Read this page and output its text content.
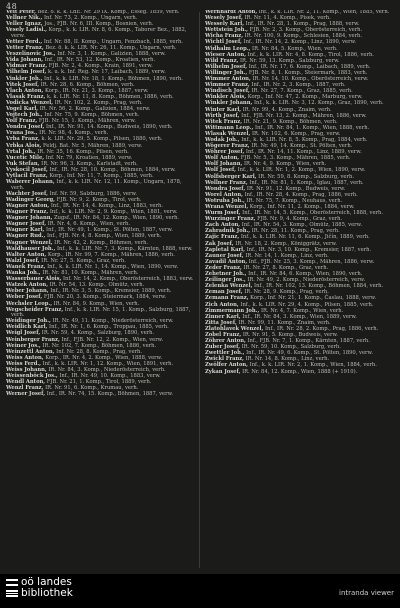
48
Veit Peter, Bez. ö. k. k. LdE. Nr. 29 IX. Komp., Esseg. 1859, verh.
Vellner Nik., Inf. Nr. 73, 2. Komp., Ungarn, verh.
Veller Ignaz, Jos., FJB. Nr. 6, III. Komp., Bosnien, verh.
Vesely Ladisl., Korp., k. k. LIR. Nr. 8, 6. Komp., Taborer Bez., 1882, verw.
Vetter Ferd., Inf. Nr. 88, II. Komp., Ungarn, Fenzbach, 1885, verh.
Vetter Franz, Bez. ö. k. k. LIR. Nr. 26, 11. Komp., Ungarn, verh.
Veszelinovic Jos., Inf. Nr. 3, 1. Komp., Galizien, 1888, verw.
Vida Johann, Inf., IR. Nr. 53, 12. Komp., Kroatien, verh.
Vidmar Franz, FJB. Nr. 2, 4. Komp., Krain, 1891, verw.
Vilhelm Josef, k. u. k. Inf. Reg. Nr. 17, Laibach, 1889, verw.
Vinkler Joh., Inf., k. k. LIR. Nr. 18, 1. Komp., Böhmen, 1890, verh.
Vitek Josef, IR. Nr. 28, 6. Komp., Böhmen, verh.
Vlach Anton, Korp., IR. Nr. 21, 3. Komp., 1887, verw.
Vlasak Franz, k. k. LIR. Nr. 11, 8. Komp., Böhmen, 1886, verh.
Vodicka Wenzel, IR. Nr. 102, 2. Komp., Prag, verh.
Vogel Karl, IR. Nr. 56, 2. Komp., Galizien, 1884, verw.
Vojtech Joh., Inf. Nr. 75, 9. Komp., Böhmen, verh.
Volf Franz, FJB. Nr. 15, 1. Komp., Mähren, verw.
Vondra Josef, Inf., IR. Nr. 91, 14. Komp., Budweis, 1890, verh.
Vrana Jos., IR. Nr. 98, 4. Komp., verh.
Vrba Franz, k. k. LIR. Nr. 29, 5. Komp., Pilsen, 1880, verh.
Vrbka Alois, Feldj. Bat. Nr. 5, Mähren, 1889, verw.
Vrtal Joh., IR. Nr. 35, 16. Komp., Pilsen, verh.
Vucetic Mile, Inf. Nr. 79, Kroatien, 1889, verw.
Vuk Stefan, IR. Nr. 96, 3. Komp., Karlstadt, verh.
Vyskocil Josef, Inf., IR. Nr. 28, 10. Komp., Böhmen, 1884, verw.
Vytlacil Franz, Korp., Inf. Nr. 11, 7. Komp., 1885, verh.
Waberer Johann, Inf., k. k. LIR. Nr. 12, 11. Komp., Ungarn, 1878, verh.
Wachter Josef, Inf. Nr. 59, Salzburg, 1886, verw.
Wadinger Georg, FJB. Nr. 9, 2. Komp., Tirol, verh.
Wagner Anton, Inf., IR. Nr. 14, 4. Komp., Linz, 1883, verh.
Wagner Franz, Inf., k. k. LIR. Nr. 2, 9. Komp., Wien, 1881, verw.
Wagner Johann, Zugsf., IR. Nr. 84, 12. Komp., Wien, 1890, verh.
Wagner Josef, IR. Nr. 4, 6. Komp., Wien, verh.
Wagner Karl, Inf., IR. Nr. 49, 1. Komp., St. Pölten, 1887, verw.
Wagner Rud., Inf., FJB. Nr. 4, 8. Komp., Wien, 1889, verh.
Wagner Wenzel, IR. Nr. 42, 2. Komp., Böhmen, verh.
Waldhauser Joh., Inf., k. k. LIR. Nr. 7, 3. Komp., Kärnten, 1888, verw.
Walter Anton, Korp., IR. Nr. 99, 7. Komp., Mähren, 1886, verh.
Walzl Josef, IR. Nr. 27, 5. Komp., Graz, verh.
Wanek Franz, Inf., k. k. LIR. Nr. 1, 14. Komp., Wien, 1890, verw.
Wanka Joh., IR. Nr. 81, 10. Komp., Mähren, verh.
Wasserbauer Alois, Inf. Nr. 14, 2. Komp., Oberösterreich, 1883, verw.
Watzek Anton, IR. Nr. 54, 13. Komp., Olmütz, verh.
Weber Johann, Inf., IR. Nr. 3, 5. Komp., Kremsier, 1889, verh.
Weber Josef, FJB. Nr. 20, 3. Komp., Steiermark, 1884, verw.
Wechsler Leop., IR. Nr. 84, 9. Komp., Wien, verh.
Wegscheider Franz, Inf., k. k. LIR. Nr. 15, 1. Komp., Salzburg, 1887, verh.
Weidinger Joh., IR. Nr. 49, 11. Komp., Niederösterreich, verw.
Weidlich Karl, Inf., IR. Nr. 1, 6. Komp., Troppau, 1885, verh.
Weigl Josef, IR. Nr. 59, 4. Komp., Salzburg, 1890, verh.
Weinberger Franz, Inf., FJB. Nr. 12, 2. Komp., Wien, verw.
Weiner Jos., IR. Nr. 102, 7. Komp., Böhmen, 1886, verh.
Weinzettl Anton, Inf. Nr. 28, 8. Komp., Prag, verh.
Weiss Anton, Korp., IR. Nr. 4, 2. Komp., Wien, 1888, verw.
Weiss Ferd., Inf., k. k. LIR. Nr. 1, 12. Komp., Wien, 1891, verh.
Weiss Johann, IR. Nr. 84, 3. Komp., Niederösterreich, verh.
Weissenböck Jos., Inf., IR. Nr. 49, 10. Komp., 1883, verw.
Wendl Anton, FJB. Nr. 21, 1. Komp., Tirol, 1889, verh.
Wenzl Franz, IR. Nr. 91, 6. Komp., Krumau, verh.
Werner Josef, Inf., IR. Nr. 74, 15. Komp., Böhmen, 1887, verw.
Wernhardt Anton, Inf., k. k. LIR. Nr. 2, 11. Komp., Wien, 1885, verh.
Wesely Josef, IR. Nr. 11, 4. Komp., Pisek, verh.
Wessely Karl, Inf., IR. Nr. 28, 1. Komp., Prag, 1888, verw.
Wettstein Joh., FJB. Nr. 2, 3. Komp., Oberösterreich, verh.
Wicha Franz, IR. Nr. 100, 9. Komp., Schlesien, 1884, verh.
Wichtl Josef, Inf., IR. Nr. 14, 2. Komp., Linz, 1890, verw.
Widhalm Leop., IR. Nr. 84, 5. Komp., Wien, verh.
Wieser Anton, Inf., k. k. LIR. Nr. 4, 8. Komp., Tirol, 1886, verh.
Wild Franz, IR. Nr. 59, 13. Komp., Salzburg, verw.
Wilhelm Josef, Inf., IR. Nr. 17, 6. Komp., Laibach, 1889, verh.
Willinger Joh., FJB. Nr. 8, 1. Komp., Steiermark, 1883, verh.
Wimmer Anton, IR. Nr. 14, 10. Komp., Oberösterreich, verw.
Wimmer Franz, Inf., IR. Nr. 2, 3. Komp., 1887, verh.
Windisch Josef, IR. Nr. 27, 7. Komp., Graz, 1885, verh.
Winkler Alois, Korp., Inf. Nr. 47, 2. Komp., Marburg, verw.
Winkler Johann, Inf., k. k. LIR. Nr. 3, 12. Komp., Graz, 1890, verh.
Winter Karl, IR. Nr. 99, 4. Komp., Znaim, verh.
Wirth Josef, Inf., FJB. Nr. 13, 2. Komp., Mähren, 1886, verw.
Witek Franz, IR. Nr. 21, 9. Komp., Böhmen, verh.
Wittmann Leop., Inf., IR. Nr. 84, 1. Komp., Wien, 1888, verh.
Wlasak Wenzel, IR. Nr. 102, 6. Komp., Prag, verw.
Wodak Joh., Inf., k. k. LIR. Nr. 8, 5. Komp., Prag, 1884, verh.
Wögerer Franz, IR. Nr. 49, 14. Komp., St. Pölten, verh.
Wöhrer Josef, Inf., IR. Nr. 14, 11. Komp., Linz, 1889, verw.
Wolf Anton, FJB. Nr. 5, 3. Komp., Mähren, 1885, verh.
Wolf Johann, IR. Nr. 4, 9. Komp., Wien, verh.
Wolf Josef, Inf., k. k. LIR. Nr. 1, 2. Komp., Wien, 1890, verw.
Wolfsberger Karl, IR. Nr. 59, 8. Komp., Salzburg, verh.
Wollner Franz, Inf., IR. Nr. 81, 1. Komp., Iglau, 1887, verh.
Wondra Josef, IR. Nr. 91, 12. Komp., Budweis, verw.
Worel Anton, Inf., IR. Nr. 28, 4. Komp., Prag, 1886, verh.
Wotruba Joh., IR. Nr. 75, 7. Komp., Neuhaus, verh.
Wrana Wenzel, Korp., Inf. Nr. 11, 2. Komp., 1884, verw.
Wurm Josef, Inf., IR. Nr. 14, 5. Komp., Oberösterreich, 1888, verh.
Wurzinger Franz, FJB. Nr. 9, 4. Komp., Graz, verh.
Zach Anton, Inf., IR. Nr. 54, 3. Komp., Olmütz, 1885, verw.
Zahradnik Joh., IR. Nr. 28, 11. Komp., Prag, verh.
Zajic Franz, Inf., k. k. LIR. Nr. 11, 6. Komp., Jičín, 1889, verh.
Zak Josef, IR. Nr. 18, 2. Komp., Königgrätz, verw.
Zapletal Karl, Inf., IR. Nr. 3, 10. Komp., Kremsier, 1887, verh.
Zauner Josef, IR. Nr. 14, 1. Komp., Linz, verh.
Zavadil Anton, Inf., FJB. Nr. 25, 3. Komp., Mähren, 1886, verw.
Zeder Franz, IR. Nr. 27, 8. Komp., Graz, verh.
Zehetner Joh., Inf., IR. Nr. 84, 6. Komp., Wien, 1890, verh.
Zeilinger Jos., IR. Nr. 49, 2. Komp., Niederösterreich, verw.
Zelenka Wenzel, Inf., IR. Nr. 102, 13. Komp., Böhmen, 1884, verh.
Zeman Josef, IR. Nr. 28, 9. Komp., Prag, verh.
Zemann Franz, Korp., Inf. Nr. 21, 1. Komp., Časlau, 1888, verw.
Zich Anton, Inf., k. k. LIR. Nr. 29, 4. Komp., Pilsen, 1885, verh.
Zimmermann Joh., IR. Nr. 4, 7. Komp., Wien, verh.
Zinner Karl, Inf., IR. Nr. 84, 3. Komp., Wien, 1889, verw.
Zitta Josef, IR. Nr. 99, 11. Komp., Znaim, verh.
Zlatohlavek Wenzel, Inf., IR. Nr. 28, 2. Komp., Prag, 1886, verh.
Zobel Franz, IR. Nr. 91, 5. Komp., Budweis, verw.
Zöhrer Anton, Inf., FJB. Nr. 7, 1. Komp., Kärnten, 1887, verh.
Zuber Josef, IR. Nr. 59, 10. Komp., Salzburg, verh.
Zwettler Joh., Inf., IR. Nr. 49, 6. Komp., St. Pölten, 1890, verw.
Zwickl Franz, IR. Nr. 14, 8. Komp., Linz, verh.
Zwölfer Anton, Inf., k. k. LIR. Nr. 2, 1. Komp., Wien, 1884, verh.
Zykan Josef, IR. Nr. 84, 12. Komp., Wien, 1888 (+ 1910).
oö landes
bibliothek	intranda viewer
